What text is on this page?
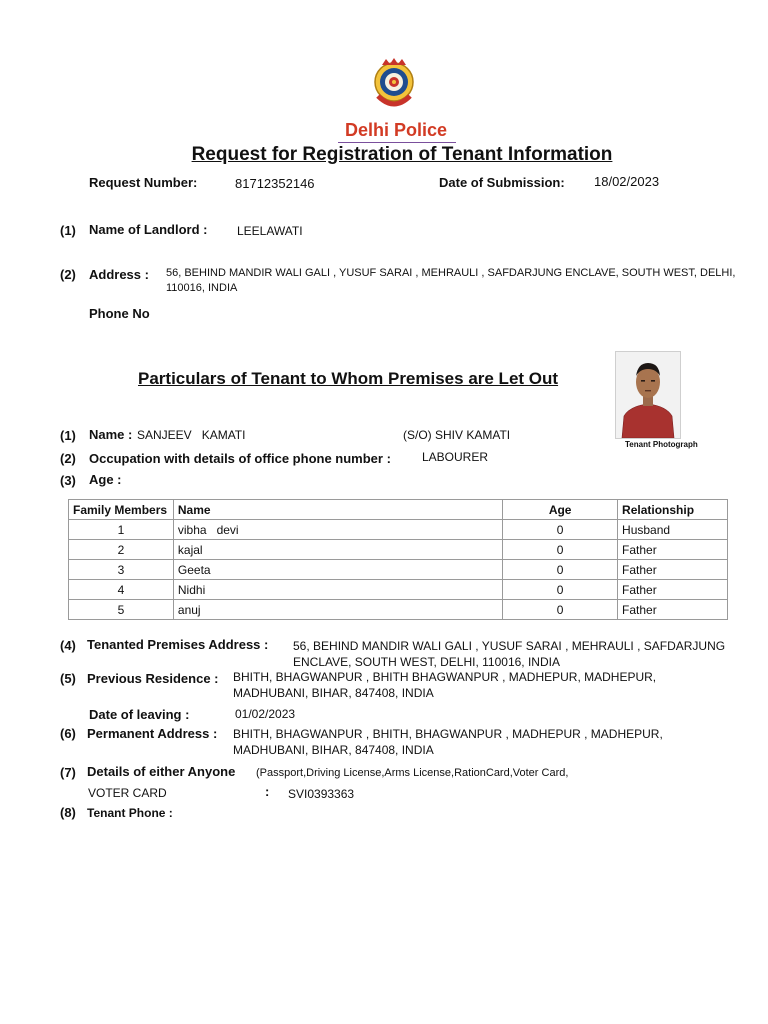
Delhi Police
Request for Registration of Tenant Information
Request Number:	81712352146	Date of Submission: 18/02/2023
(1) Name of Landlord : LEELAWATI
(2) Address : 56, BEHIND MANDIR WALI GALI , YUSUF SARAI , MEHRAULI , SAFDARJUNG ENCLAVE, SOUTH WEST, DELHI,
110016, INDIA
Phone No
Particulars of Tenant to Whom Premises are Let Out
Tenant Photograph
(1) Name : SANJEEV   KAMATI	(S/O) SHIV KAMATI
(2) Occupation with details of office phone number :	LABOURER
(3) Age :
Family Members	Name	Age	Relationship
1	vibha   devi	0	Husband
2	kajal	0	Father
3	Geeta	0	Father
4	Nidhi	0	Father
5	anuj	0	Father
(4) Tenanted Premises Address : 56, BEHIND MANDIR WALI GALI , YUSUF SARAI , MEHRAULI , SAFDARJUNG
ENCLAVE, SOUTH WEST, DELHI, 110016, INDIA
(5) Previous Residence : BHITH, BHAGWANPUR , BHITH BHAGWANPUR , MADHEPUR, MADHEPUR,
MADHUBANI, BIHAR, 847408, INDIA
Date of leaving :	01/02/2023
(6) Permanent Address : BHITH, BHAGWANPUR , BHITH, BHAGWANPUR , MADHEPUR , MADHEPUR,
MADHUBANI, BIHAR, 847408, INDIA
(7) Details of either Anyone (Passport,Driving License,Arms License,RationCard,Voter Card,
VOTER CARD	: SVI0393363
(8) Tenant Phone :
